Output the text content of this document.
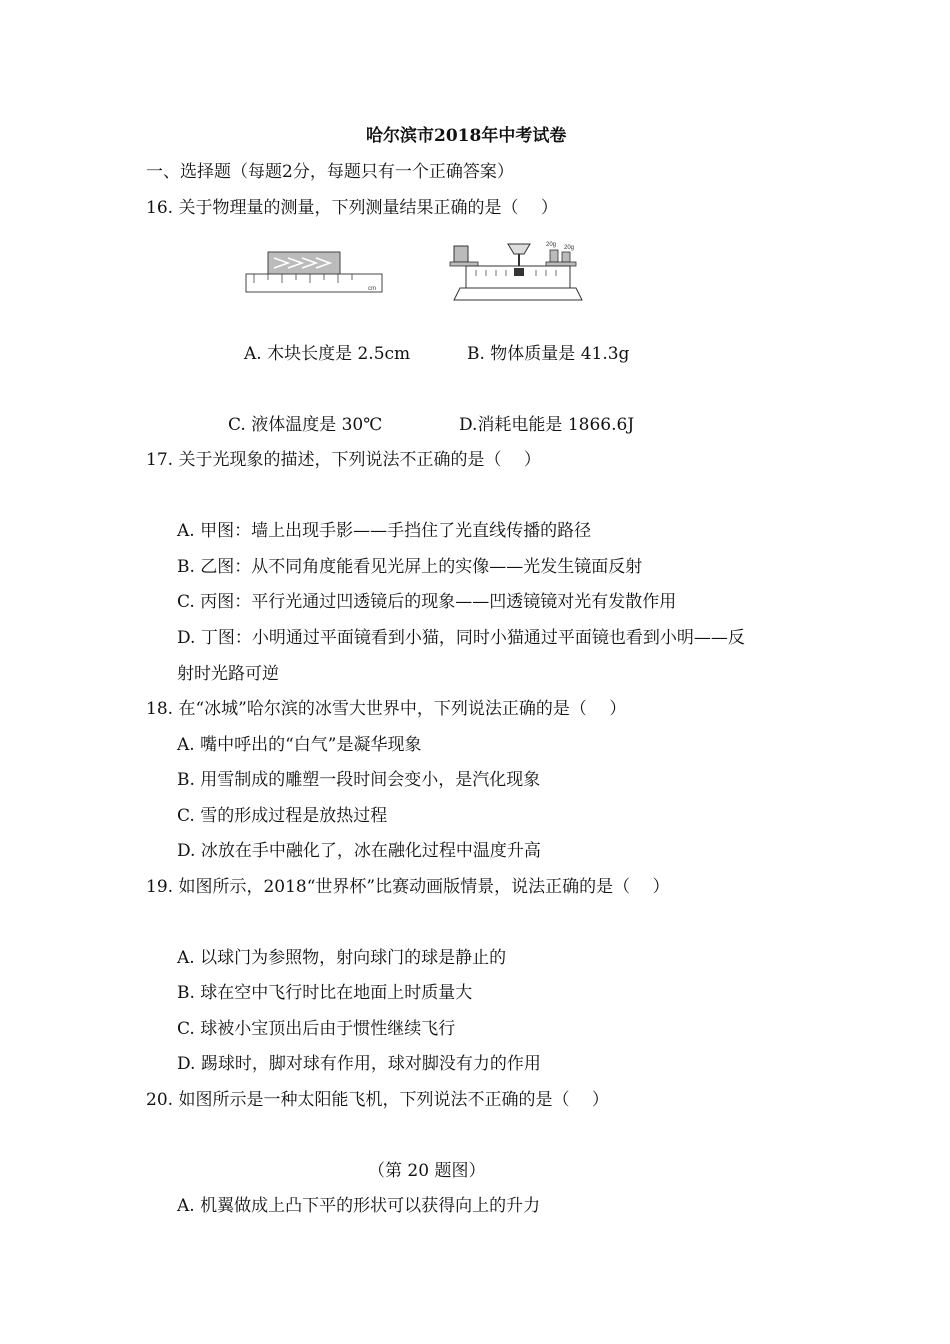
哈尔滨市2018年中考试卷
一、选择题（每题2分，每题只有一个正确答案）
16. 关于物理量的测量，下列测量结果正确的是（　 ）
cm
20g 20g
A. 木块长度是 2.5cm	B. 物体质量是 41.3g
C. 液体温度是 30℃	D.消耗电能是 1866.6J
17. 关于光现象的描述，下列说法不正确的是（　 ）
A. 甲图：墙上出现手影——手挡住了光直线传播的路径
B. 乙图：从不同角度能看见光屏上的实像——光发生镜面反射
C. 丙图：平行光通过凹透镜后的现象——凹透镜镜对光有发散作用
D. 丁图：小明通过平面镜看到小猫，同时小猫通过平面镜也看到小明——反
射时光路可逆
18. 在“冰城”哈尔滨的冰雪大世界中，下列说法正确的是（　 ）
A. 嘴中呼出的“白气”是凝华现象
B. 用雪制成的雕塑一段时间会变小，是汽化现象
C. 雪的形成过程是放热过程
D. 冰放在手中融化了，冰在融化过程中温度升高
19. 如图所示，2018“世界杯”比赛动画版情景，说法正确的是（　 ）
A. 以球门为参照物，射向球门的球是静止的
B. 球在空中飞行时比在地面上时质量大
C. 球被小宝顶出后由于惯性继续飞行
D. 踢球时，脚对球有作用，球对脚没有力的作用
20. 如图所示是一种太阳能飞机，下列说法不正确的是（　 ）
（第 20 题图）
A. 机翼做成上凸下平的形状可以获得向上的升力
